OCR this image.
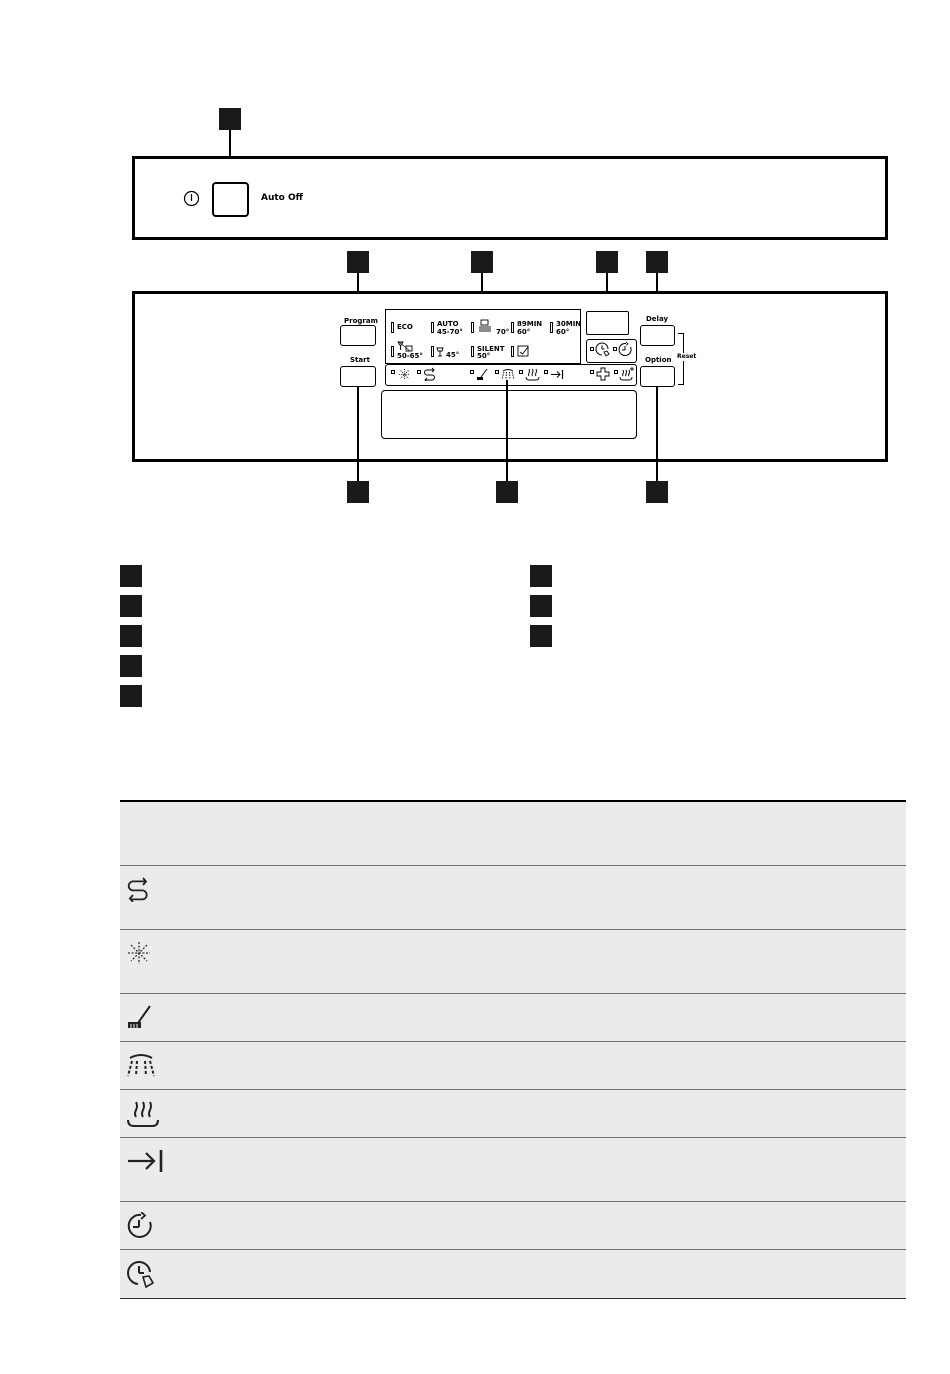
Auto Off
Program
Start
ECO	AUTO
45-70°	70°
89MIN
60°
30MIN
60°
50-65°	45°
SILENT
50°
Delay
Option Reset
